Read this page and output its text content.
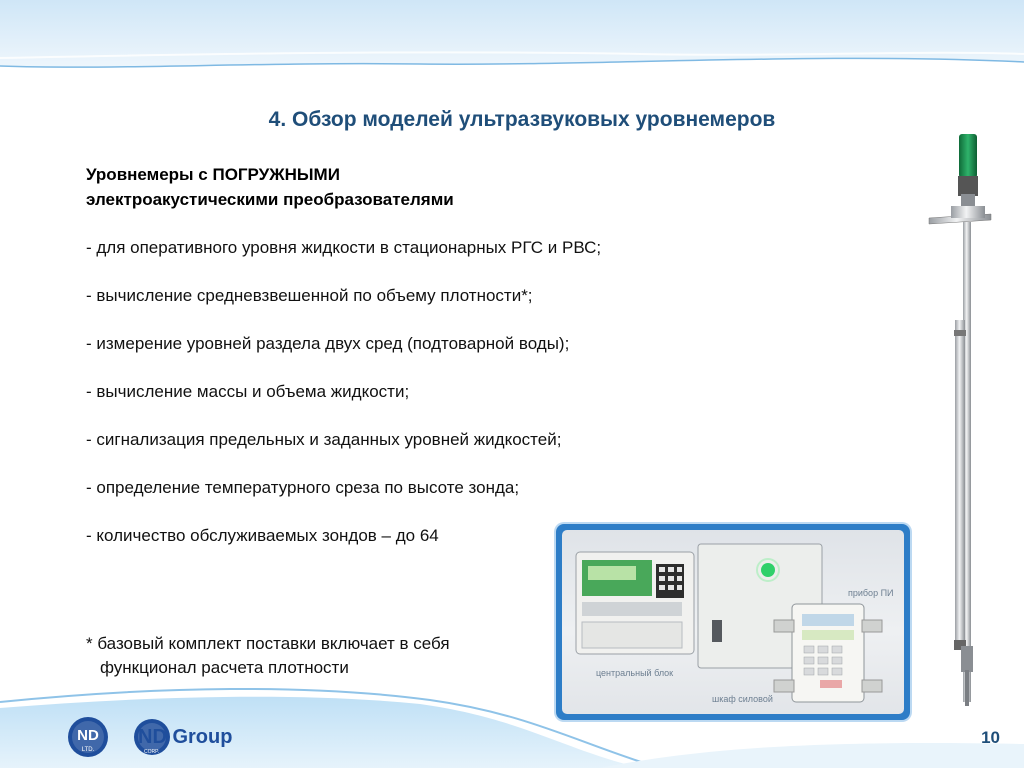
4. Обзор моделей ультразвуковых уровнемеров
Уровнемеры с ПОГРУЖНЫМИ
электроакустическими преобразователями
- для оперативного уровня жидкости в стационарных РГС и РВС;
- вычисление средневзвешенной по объему плотности*;
- измерение уровней раздела двух сред (подтоварной воды);
- вычисление массы и объема жидкости;
- сигнализация предельных и заданных уровней жидкостей;
- определение температурного среза по высоте зонда;
- количество обслуживаемых зондов – до 64
* базовый комплект поставки включает в себя
функционал расчета плотности	центральный блок
шкаф силовой
прибор ПИ
ND
LTD.
ND Group
CORP.
10
